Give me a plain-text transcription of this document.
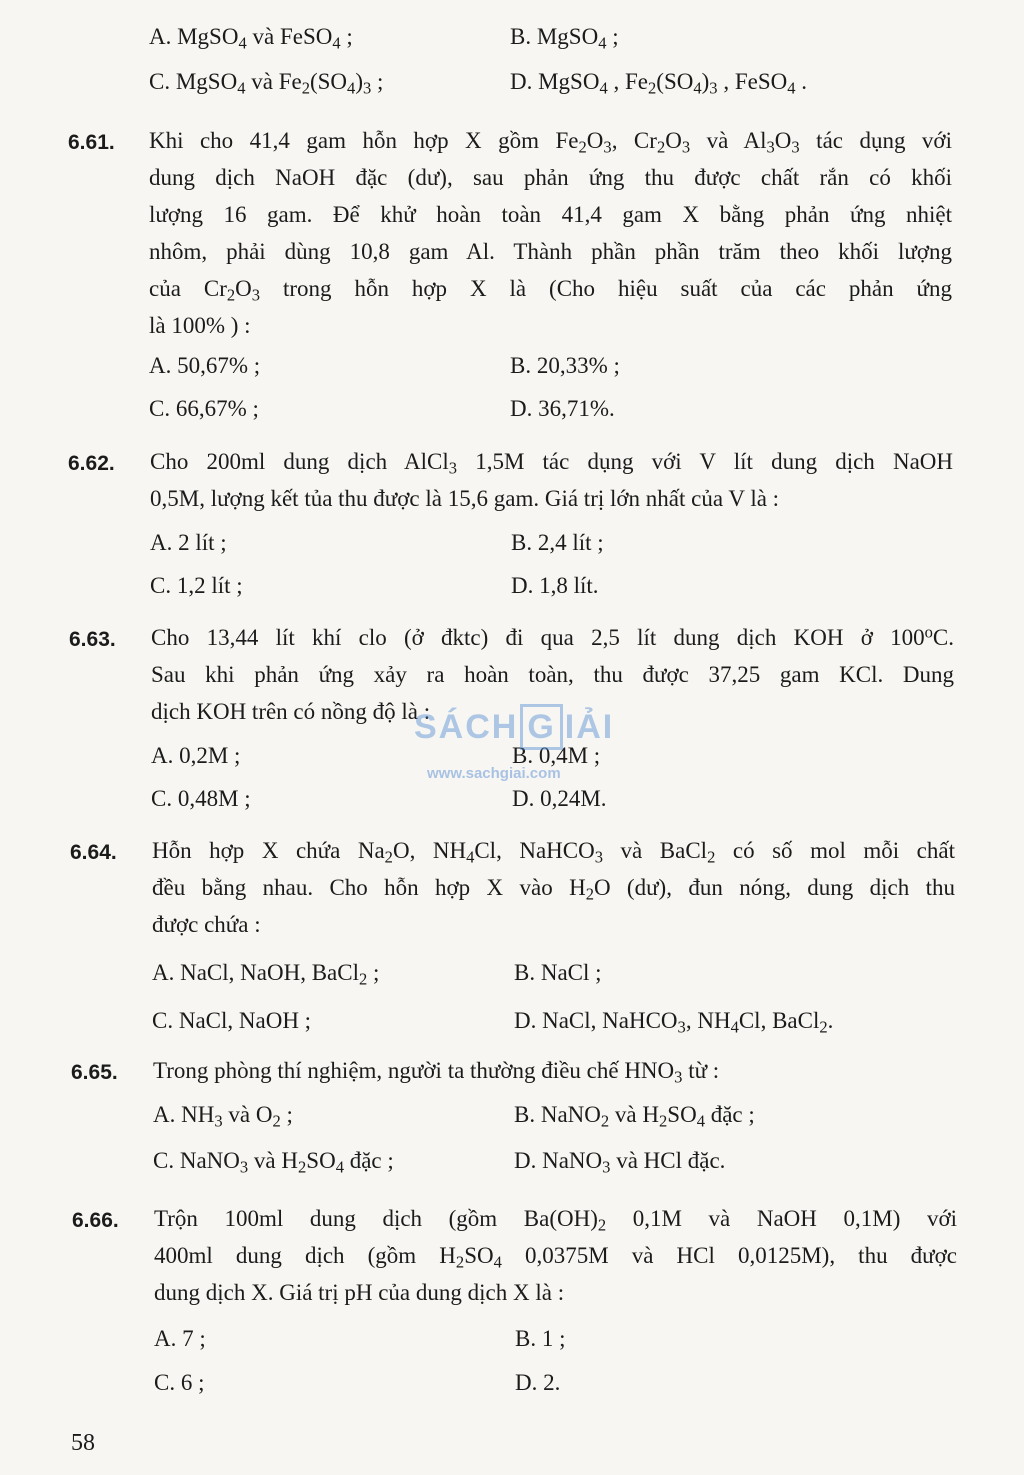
A. MgSO$_4$ và FeSO$_4$ ;	B. MgSO$_4$ ;
C. MgSO$_4$ và $Fe_2(SO_4)_3$ ;	D. MgSO$_4$ , $Fe_2(SO_4)_3$ , FeSO$_4$ .
6.61. Khi cho 41,4 gam hỗn hợp X gồm $Fe_2O_3$, $Cr_2O_3$ và $Al_3O_3$ tác dụng với
dung dịch NaOH đặc (dư), sau phản ứng thu được chất rắn có khối
lượng 16 gam. Để khử hoàn toàn 41,4 gam X bằng phản ứng nhiệt
nhôm, phải dùng 10,8 gam Al. Thành phần phần trăm theo khối lượng
của $Cr_2O_3$ trong hỗn hợp X là (Cho hiệu suất của các phản ứng
là 100% ) :
A. 50,67% ;	B. 20,33% ;
C. 66,67% ;	D. 36,71%.
6.62. Cho 200ml dung dịch AlCl$_3$ 1,5M tác dụng với V lít dung dịch NaOH
0,5M, lượng kết tủa thu được là 15,6 gam. Giá trị lớn nhất của V là :
A. 2 lít ;	B. 2,4 lít ;
C. 1,2 lít ;	D. 1,8 lít.
6.63. Cho 13,44 lít khí clo (ở đktc) đi qua 2,5 lít dung dịch KOH ở 100$^o$C.
Sau khi phản ứng xảy ra hoàn toàn, thu được 37,25 gam KCl. Dung
dịch KOH trên có nồng độ là :
A. 0,2M ;	B. 0,4M ;
C. 0,48M ;	D. 0,24M.
6.64. Hỗn hợp X chứa $Na_2O$, $NH_4Cl$, NaHCO$_3$ và BaCl$_2$ có số mol mỗi chất
đều bằng nhau. Cho hỗn hợp X vào $H_2O$ (dư), đun nóng, dung dịch thu
được chứa :
A. NaCl, NaOH, BaCl$_2$ ;	B. NaCl ;
C. NaCl, NaOH ;	D. NaCl, NaHCO$_3$, $NH_4Cl$, BaCl$_2$.
6.65. Trong phòng thí nghiệm, người ta thường điều chế $HNO_3$ từ :
A. $NH_3$ và $O_2$ ;	B. NaNO$_2$ và $H_2SO_4$ đặc ;
C. NaNO$_3$ và $H_2SO_4$ đặc ;	D. NaNO$_3$ và HCl đặc.
6.66. Trộn 100ml dung dịch (gồm $Ba(OH)_2$ 0,1M và NaOH 0,1M) với
400ml dung dịch (gồm $H_2SO_4$ 0,0375M và HCl 0,0125M), thu được
dung dịch X. Giá trị pH của dung dịch X là :
A. 7 ;	B. 1 ;
C. 6 ;	D. 2.
SÁCH G IẢI
www.sachgiai.com
58
